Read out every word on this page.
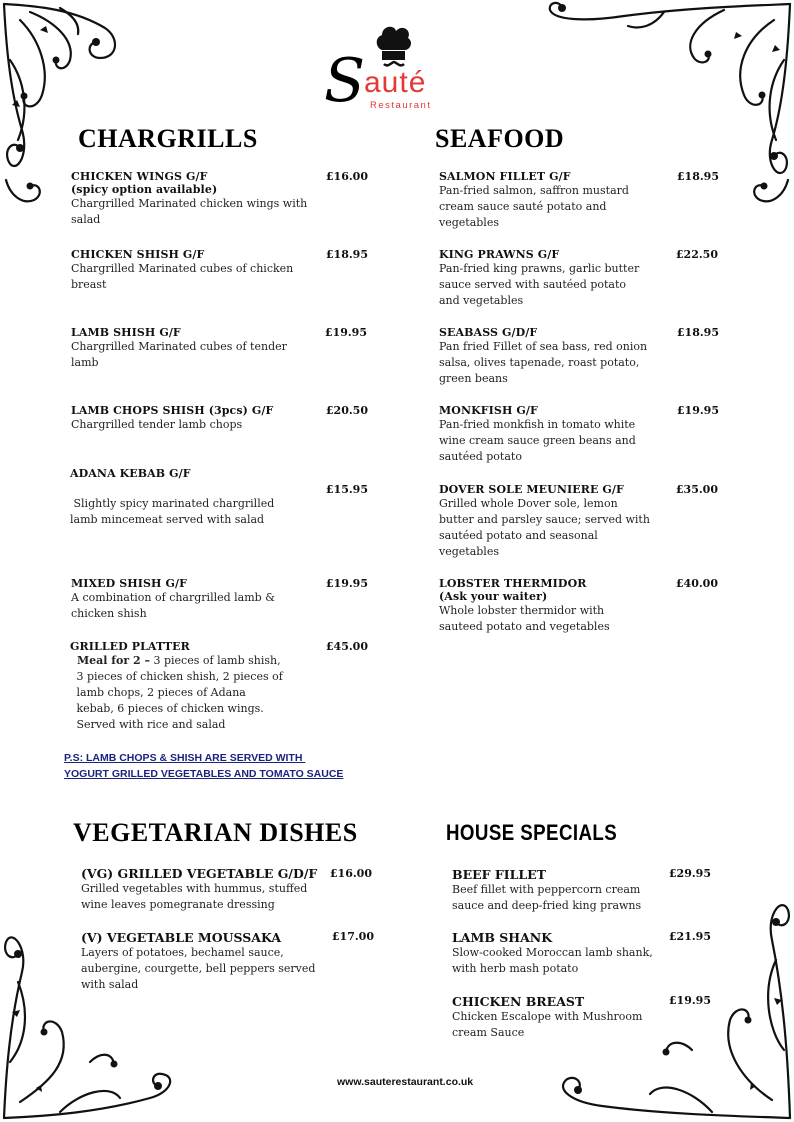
S
auté
Restaurant
CHARGRILLS	SEAFOOD
VEGETARIAN DISHES	HOUSE SPECIALS
CHICKEN WINGS G/F
(spicy option available)
Chargrilled Marinated chicken wings with
salad
£16.00
CHICKEN SHISH G/F
Chargrilled Marinated cubes of chicken
breast
£18.95
LAMB SHISH G/F
Chargrilled Marinated cubes of tender
lamb
£19.95
LAMB CHOPS SHISH (3pcs) G/F
Chargrilled tender lamb chops
£20.50
ADANA KEBAB G/F
Slightly spicy marinated chargrilled
lamb mincemeat served with salad
£15.95
MIXED SHISH G/F
A combination of chargrilled lamb &
chicken shish
£19.95
GRILLED PLATTER
Meal for 2 – 3 pieces of lamb shish,
3 pieces of chicken shish, 2 pieces of
lamb chops, 2 pieces of Adana
kebab, 6 pieces of chicken wings.
Served with rice and salad
£45.00
P.S: LAMB CHOPS & SHISH ARE SERVED WITH
YOGURT GRILLED VEGETABLES AND TOMATO SAUCE
SALMON FILLET G/F
Pan-fried salmon, saffron mustard
cream sauce sauté potato and
vegetables
£18.95
KING PRAWNS G/F
Pan-fried king prawns, garlic butter
sauce served with sautéed potato
and vegetables
£22.50
SEABASS G/D/F
Pan fried Fillet of sea bass, red onion
salsa, olives tapenade, roast potato,
green beans
£18.95
MONKFISH G/F
Pan-fried monkfish in tomato white
wine cream sauce green beans and
sautéed potato
£19.95
DOVER SOLE MEUNIERE G/F
Grilled whole Dover sole, lemon
butter and parsley sauce; served with
sautéed potato and seasonal
vegetables
£35.00
LOBSTER THERMIDOR
(Ask your waiter)
Whole lobster thermidor with
sauteed potato and vegetables
£40.00
(VG) GRILLED VEGETABLE G/D/F
Grilled vegetables with hummus, stuffed
wine leaves pomegranate dressing
£16.00
(V) VEGETABLE MOUSSAKA
Layers of potatoes, bechamel sauce,
aubergine, courgette, bell peppers served
with salad
£17.00
BEEF FILLET
Beef fillet with peppercorn cream
sauce and deep-fried king prawns
£29.95
LAMB SHANK
Slow-cooked Moroccan lamb shank,
with herb mash potato
£21.95
CHICKEN BREAST
Chicken Escalope with Mushroom
cream Sauce
£19.95
www.sauterestaurant.co.uk
